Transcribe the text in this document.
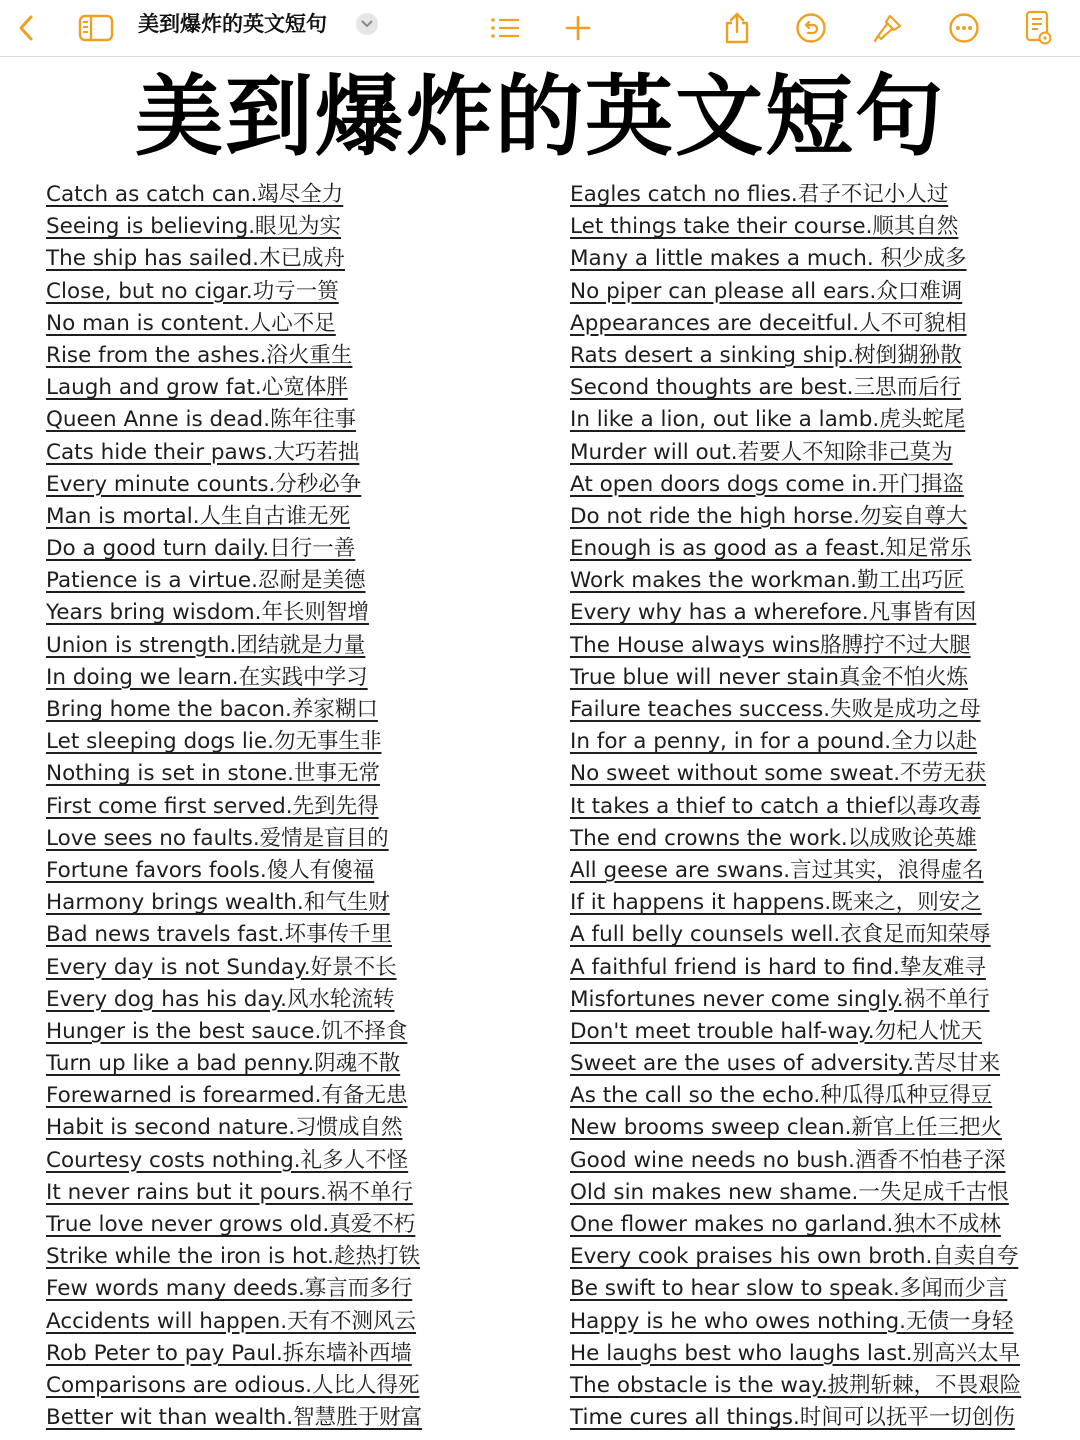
美到爆炸的英文短句
美到爆炸的英文短句
Catch as catch can.竭尽全力
Seeing is believing.眼见为实
The ship has sailed.木已成舟
Close, but no cigar.功亏一篑
No man is content.人心不足
Rise from the ashes.浴火重生
Laugh and grow fat.心宽体胖
Queen Anne is dead.陈年往事
Cats hide their paws.大巧若拙
Every minute counts.分秒必争
Man is mortal.人生自古谁无死
Do a good turn daily.日行一善
Patience is a virtue.忍耐是美德
Years bring wisdom.年长则智增
Union is strength.团结就是力量
In doing we learn.在实践中学习
Bring home the bacon.养家糊口
Let sleeping dogs lie.勿无事生非
Nothing is set in stone.世事无常
First come first served.先到先得
Love sees no faults.爱情是盲目的
Fortune favors fools.傻人有傻福
Harmony brings wealth.和气生财
Bad news travels fast.坏事传千里
Every day is not Sunday.好景不长
Every dog has his day.风水轮流转
Hunger is the best sauce.饥不择食
Turn up like a bad penny.阴魂不散
Forewarned is forearmed.有备无患
Habit is second nature.习惯成自然
Courtesy costs nothing.礼多人不怪
It never rains but it pours.祸不单行
True love never grows old.真爱不朽
Strike while the iron is hot.趁热打铁
Few words many deeds.寡言而多行
Accidents will happen.天有不测风云
Rob Peter to pay Paul.拆东墙补西墙
Comparisons are odious.人比人得死
Better wit than wealth.智慧胜于财富
Eagles catch no flies.君子不记小人过
Let things take their course.顺其自然
Many a little makes a much. 积少成多
No piper can please all ears.众口难调
Appearances are deceitful.人不可貌相
Rats desert a sinking ship.树倒猢狲散
Second thoughts are best.三思而后行
In like a lion, out like a lamb.虎头蛇尾
Murder will out.若要人不知除非己莫为
At open doors dogs come in.开门揖盗
Do not ride the high horse.勿妄自尊大
Enough is as good as a feast.知足常乐
Work makes the workman.勤工出巧匠
Every why has a wherefore.凡事皆有因
The House always wins胳膊拧不过大腿
True blue will never stain真金不怕火炼
Failure teaches success.失败是成功之母
In for a penny, in for a pound.全力以赴
No sweet without some sweat.不劳无获
It takes a thief to catch a thief以毒攻毒
The end crowns the work.以成败论英雄
All geese are swans.言过其实，浪得虚名
If it happens it happens.既来之，则安之
A full belly counsels well.衣食足而知荣辱
A faithful friend is hard to find.挚友难寻
Misfortunes never come singly.祸不单行
Don't meet trouble half-way.勿杞人忧天
Sweet are the uses of adversity.苦尽甘来
As the call so the echo.种瓜得瓜种豆得豆
New brooms sweep clean.新官上任三把火
Good wine needs no bush.酒香不怕巷子深
Old sin makes new shame.一失足成千古恨
One flower makes no garland.独木不成林
Every cook praises his own broth.自卖自夸
Be swift to hear slow to speak.多闻而少言
Happy is he who owes nothing.无债一身轻
He laughs best who laughs last.别高兴太早
The obstacle is the way.披荆斩棘，不畏艰险
Time cures all things.时间可以抚平一切创伤
